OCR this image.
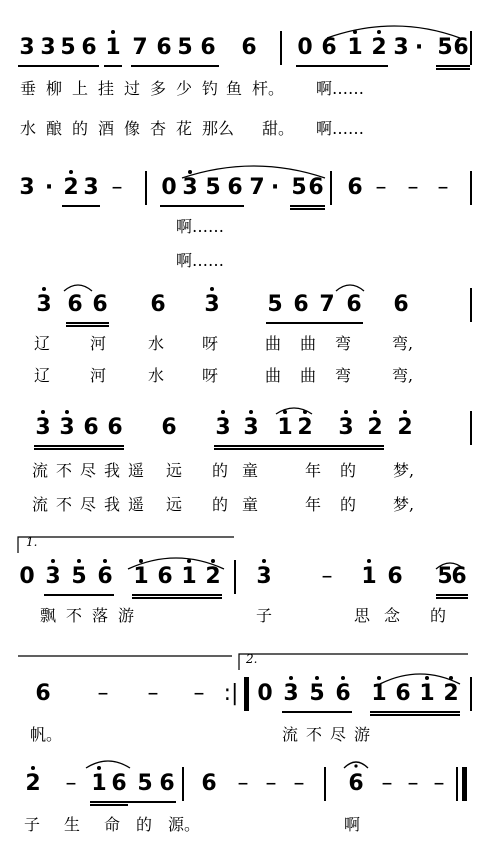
3 3 5 6 1 7 6 5 6 6 0 6 1 2 3 · 5 6
垂 柳 上 挂 过 多 少 钓 鱼 杆。 啊……
水 酿 的 酒 像 杏 花 那么 甜。 啊……
3 · 2 3 – 0 3 5 6 7 · 5 6 6 – – –
啊……
啊……
3 6 6 6 3 5 6 7 6 6
辽 河	水 呀	曲 曲 弯	弯,
辽 河	水 呀	曲 曲 弯	弯,
3 3 6 6 6 3 3 1 2 3 2 2
流 不 尽 我 遥 远 的 童	年 的 梦,
流 不 尽 我 遥 远 的 童	年 的 梦,
1.
0 3 5 6 1 6 1 2 3 – 1 6 5
6
飘 不 落 游	子	思 念 的
2.
6 – – – :| 0 3 5 6 1 6 1 2
帆。	流 不 尽 游
2 – 1 6 5 6 6 – – – 6 – – –
子 生 命 的 源。	啊
